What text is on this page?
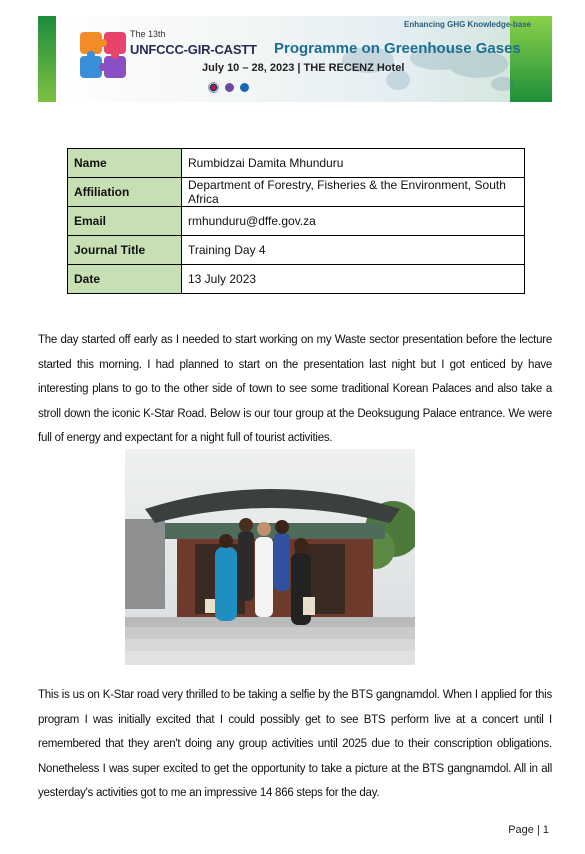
The 13th
UNFCCC-GIR-CASTT Programme on Greenhouse Gases
July 10 – 28, 2023 | THE RECENZ Hotel
Enhancing GHG Knowledge-base
Name	Rumbidzai Damita Mhunduru
Affiliation	Department of Forestry, Fisheries & the Environment, South Africa
Email	rmhunduru@dffe.gov.za
Journal Title	Training Day 4
Date	13 July 2023

The day started off early as I needed to start working on my Waste sector presentation before the lecture started this morning. I had planned to start on the presentation last night but I got enticed by have interesting plans to go to the other side of town to see some traditional Korean Palaces and also take a stroll down the iconic K-Star Road. Below is our tour group at the Deoksugung Palace entrance. We were full of energy and expectant for a night full of tourist activities.

This is us on K-Star road very thrilled to be taking a selfie by the BTS gangnamdol. When I applied for this program I was initially excited that I could possibly get to see BTS perform live at a concert until I remembered that they aren't doing any group activities until 2025 due to their conscription obligations. Nonetheless I was super excited to get the opportunity to take a picture at the BTS gangnamdol. All in all yesterday's activities got to me an impressive 14 866 steps for the day.

Page | 1
